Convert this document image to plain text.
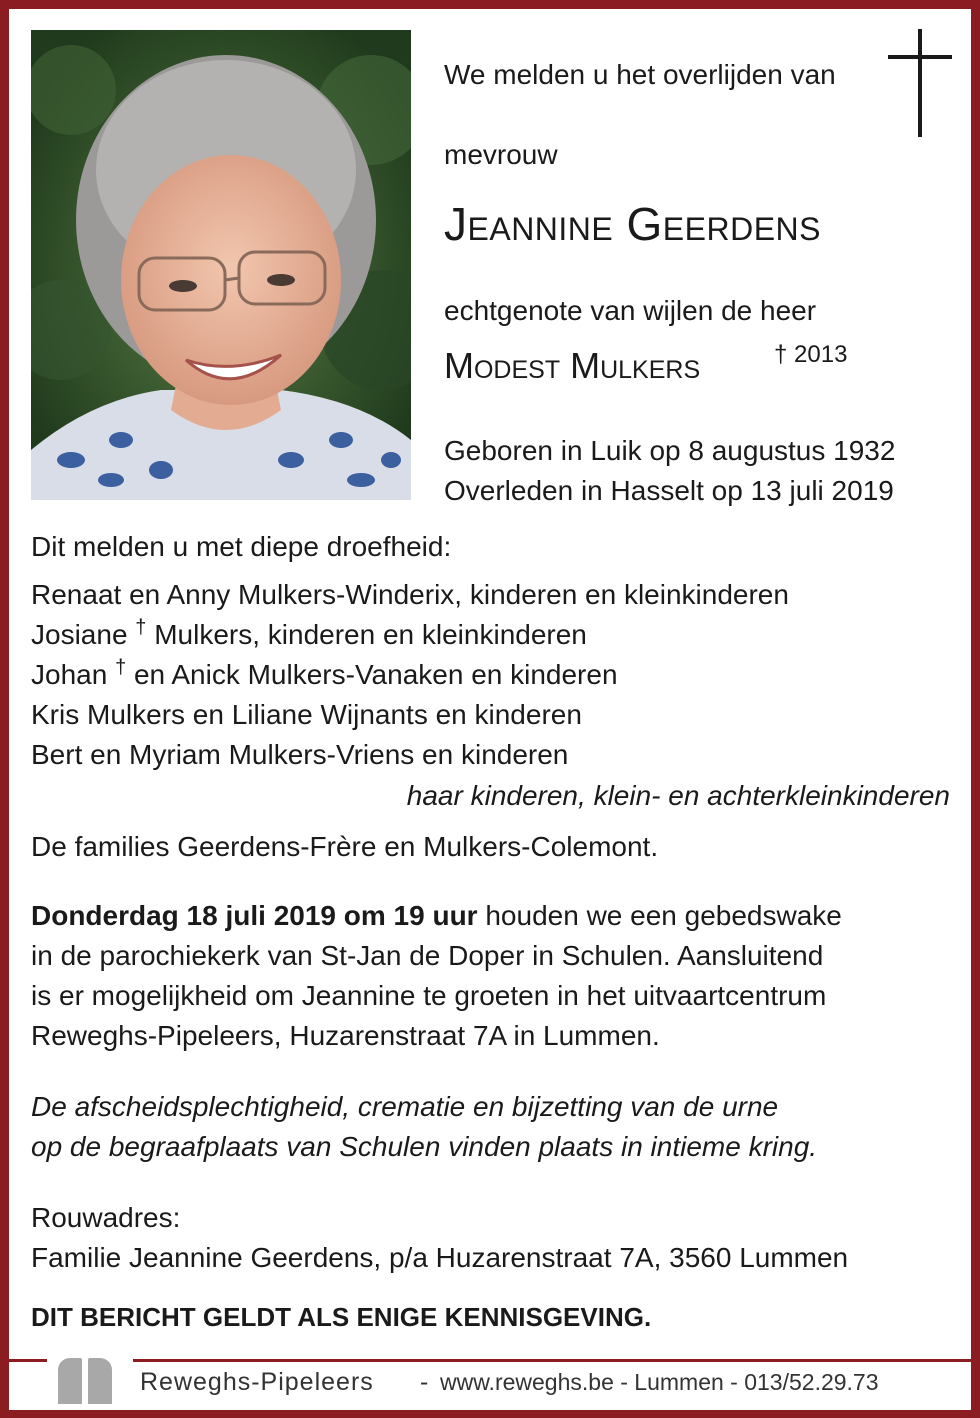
We melden u het overlijden van
mevrouw
Jeannine Geerdens
echtgenote van wijlen de heer
Modest Mulkers	† 2013
Geboren in Luik op 8 augustus 1932
Overleden in Hasselt op 13 juli 2019
Dit melden u met diepe droefheid:
Renaat en Anny Mulkers-Winderix, kinderen en kleinkinderen
Josiane † Mulkers, kinderen en kleinkinderen
Johan † en Anick Mulkers-Vanaken en kinderen
Kris Mulkers en Liliane Wijnants en kinderen
Bert en Myriam Mulkers-Vriens en kinderen
haar kinderen, klein- en achterkleinkinderen
De families Geerdens-Frère en Mulkers-Colemont.
Donderdag 18 juli 2019 om 19 uur houden we een gebedswake
in de parochiekerk van St-Jan de Doper in Schulen. Aansluitend
is er mogelijkheid om Jeannine te groeten in het uitvaartcentrum
Reweghs-Pipeleers, Huzarenstraat 7A in Lummen.
De afscheidsplechtigheid, crematie en bijzetting van de urne
op de begraafplaats van Schulen vinden plaats in intieme kring.
Rouwadres:
Familie Jeannine Geerdens, p/a Huzarenstraat 7A, 3560 Lummen
DIT BERICHT GELDT ALS ENIGE KENNISGEVING.
Reweghs-Pipeleers - www.reweghs.be - Lummen - 013/52.29.73
